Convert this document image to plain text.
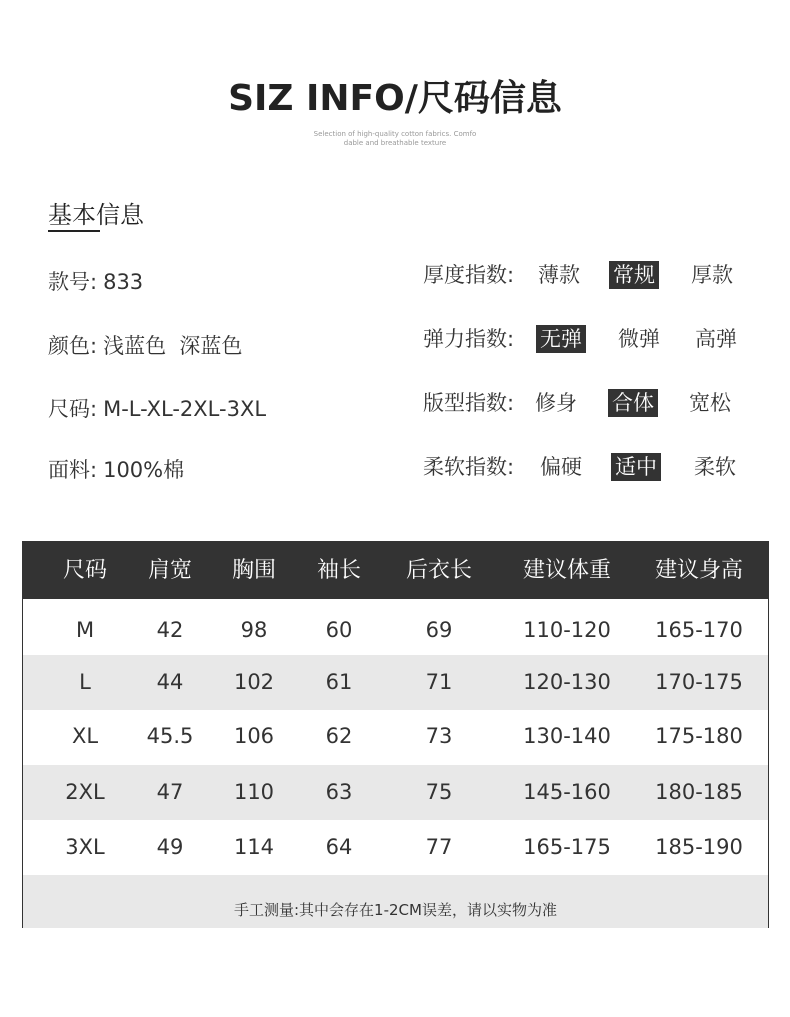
SIZ INFO/尺码信息
Selection of high-quality cotton fabrics. Comfo
dable and breathable texture
基本信息
款号: 833
颜色: 浅蓝色  深蓝色
尺码: M-L-XL-2XL-3XL
面料: 100%棉
厚度指数: 薄款 常规 厚款
弹力指数: 无弹 微弹 高弹
版型指数: 修身 合体 宽松
柔软指数: 偏硬 适中 柔软
尺码	肩宽	胸围	袖长	后衣长	建议体重	建议身高
M	42	98	60	69	110-120	165-170
L	44	102	61	71	120-130	170-175
XL	45.5	106	62	73	130-140	175-180
2XL	47	110	63	75	145-160	180-185
3XL	49	114	64	77	165-175	185-190
手工测量:其中会存在1-2CM误差，请以实物为准
